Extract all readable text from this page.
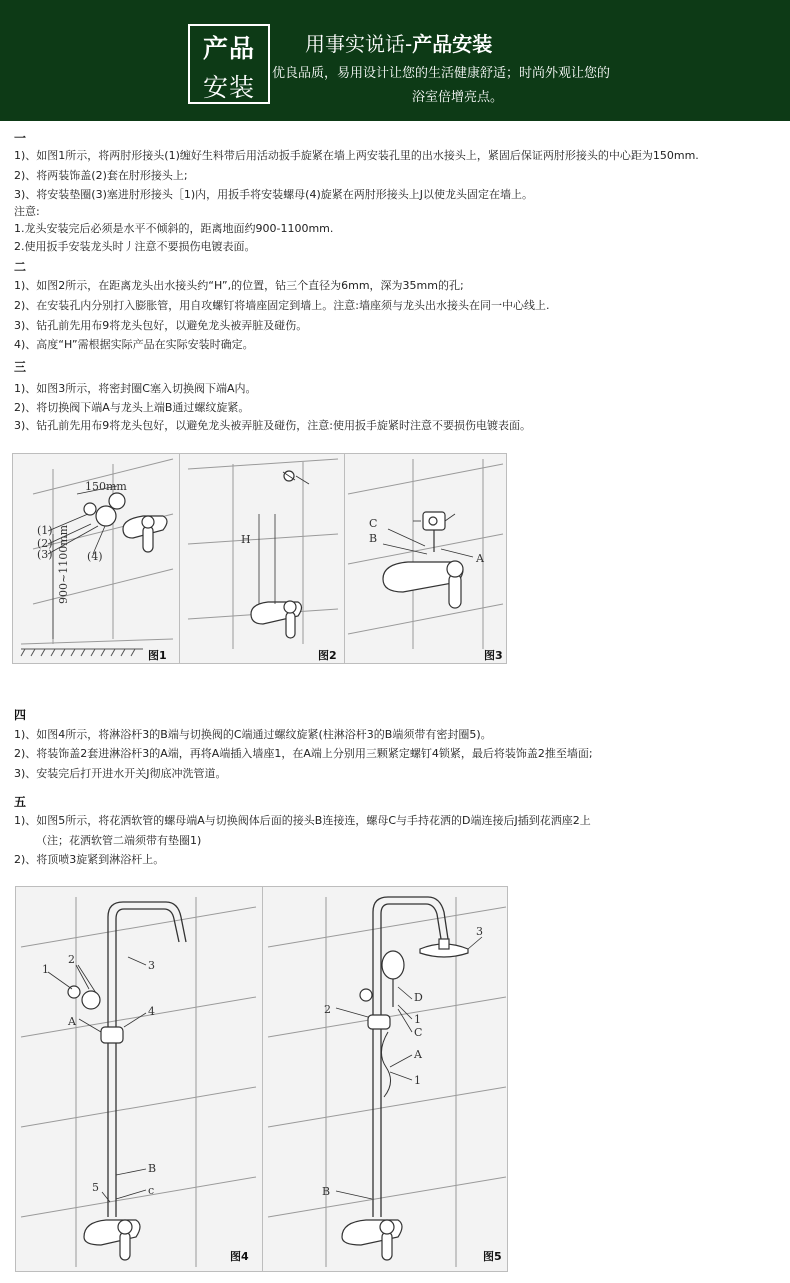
产品
安装
用事实说话-产品安装
优良品质，易用设计让您的生活健康舒适；时尚外观让您的
浴室倍增亮点。
一
1)、如图1所示，将两肘形接头(1)缠好生料带后用活动扳手旋紧在墙上两安装孔里的出水接头上，紧固后保证两肘形接头的中心距为150mm.
2)、将两装饰盖(2)套在肘形接头上;
3)、将安装垫圈(3)塞进肘形接头［1)内，用扳手将安装螺母(4)旋紧在两肘形接头上J以使龙头固定在墙上。
注意:
1.龙头安装完后必须是水平不倾斜的，距离地面约900-1100mm.
2.使用扳手安装龙头时丿注意不要损伤电镀表面。
二
1)、如图2所示，在距离龙头出水接头约“H”,的位置，钻三个直径为6mm，深为35mm的孔;
2)、在安装孔内分别打入膨胀管，用自攻螺钉将墙座固定到墙上。注意:墙座须与龙头出水接头在同一中心线上.
3)、钻孔前先用布9将龙头包好，以避免龙头被弄脏及碰伤。
4)、高度“H”需根据实际产品在实际安装时确定。
三
1)、如图3所示，将密封圈C塞入切换阀下端A内。
2)、将切换阀下端A与龙头上端B通过螺纹旋紧。
3)、钻孔前先用布9将龙头包好，以避免龙头被弄脏及碰伤，注意:使用扳手旋紧时注意不要损伤电镀表面。
150mm
(1)
(2)
(3)	(4)
900~1100mm	H
C
B
A
图1	图2	图3
四
1)、如图4所示，将淋浴杆3的B端与切换阀的C端通过螺纹旋紧(柱淋浴杆3的B端须带有密封圈5)。
2)、将装饰盖2套进淋浴杆3的A端，再将A端插入墙座1，在A端上分别用三颗紧定螺钉4锁紧，最后将装饰盖2推至墙面;
3)、安装完后打开进水开关J彻底冲洗管道。
五
1)、如图5所示，将花洒软管的螺母端A与切换阀体后面的接头B连接连，螺母C与手持花洒的D端连接后J插到花洒座2上
（注；花洒软管二端须带有垫圈1)
2)、将顶喷3旋紧到淋浴杆上。
1
2	3
A
4
B
5	c
3
2
D
1
C
A
1
B
图4	图5
